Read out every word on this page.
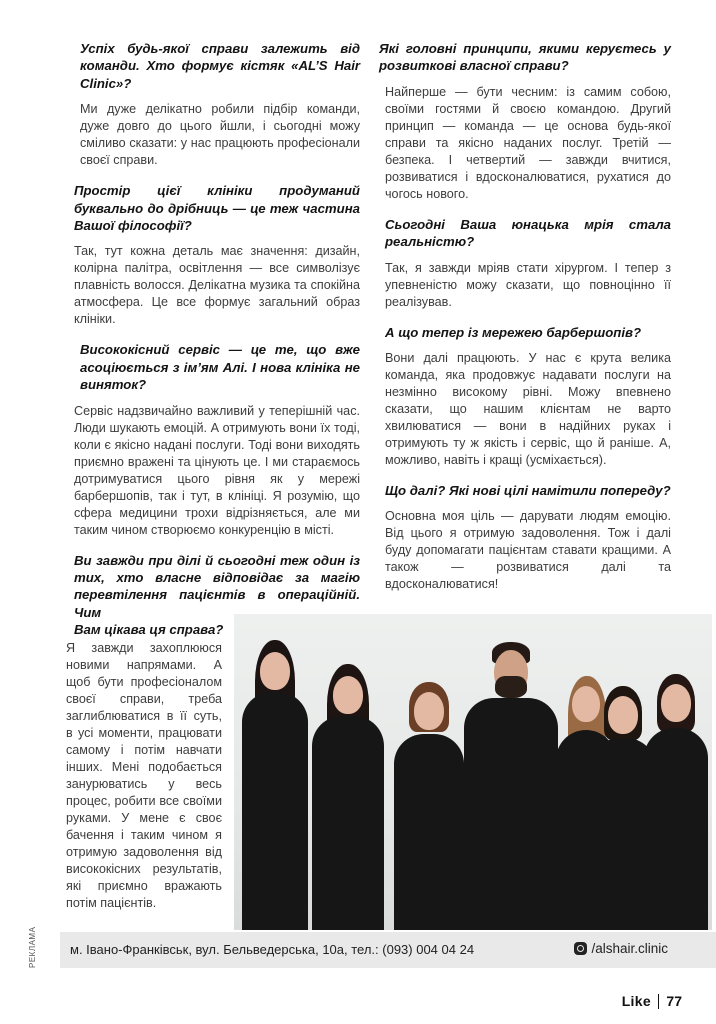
Успіх будь-якої справи залежить від команди. Хто формує кістяк «AL’S Hair Clinic»?

Ми дуже делікатно робили підбір команди, дуже довго до цього йшли, і сьогодні можу сміливо сказати: у нас працюють професіонали своєї справи.

Простір цієї клініки продуманий буквально до дрібниць — це теж частина Вашої філософії?

Так, тут кожна деталь має значення: дизайн, колірна палітра, освітлення — все символізує плавність волосся. Делікатна музика та спокійна атмосфера. Це все формує загальний образ клініки.

Висококісний сервіс — це те, що вже асоціюється з ім’ям Алі. І нова клініка не виняток?

Сервіс надзвичайно важливий у теперішній час. Люди шукають емоцій. А отримують вони їх тоді, коли є якісно надані послуги. Тоді вони виходять приємно вражені та цінують це. І ми стараємось дотримуватися цього рівня як у мережі барбершопів, так і тут, в клініці. Я розумію, що сфера медицини трохи відрізняється, але ми таким чином створюємо конкуренцію в місті.

Ви завжди при ділі й сьогодні теж один із тих, хто власне відповідає за магію перевтілення пацієнтів в операційній. Чим

Вам цікава ця справа?

Я завжди захоплююся новими напрямами. А щоб бути професіоналом своєї справи, треба заглиблюватися в її суть, в усі моменти, працювати самому і потім навчати інших. Мені подобається занурюватись у весь процес, робити все своїми руками. У мене є своє бачення і таким чином я отримую задоволення від висококісних результатів, які приємно вражають потім пацієнтів.

Які головні принципи, якими керуєтесь у розвиткові власної справи?

Найперше — бути чесним: із самим собою, своїми гостями й своєю командою. Другий принцип — команда — це основа будь-якої справи та якісно наданих послуг. Третій — безпека. І четвертий — завжди вчитися, розвиватися і вдосконалюватися, рухатися до чогось нового.

Сьогодні Ваша юнацька мрія стала реальністю?

Так, я завжди мріяв стати хірургом. І тепер з упевненістю можу сказати, що повноцінно її реалізував.

А що тепер із мережею барбершопів?

Вони далі працюють. У нас є крута велика команда, яка продовжує надавати послуги на незмінно високому рівні. Можу впевнено сказати, що нашим клієнтам не варто хвилюватися — вони в надійних руках і отримують ту ж якість і сервіс, що й раніше. А, можливо, навіть і кращі (усміхається).

Що далі? Які нові цілі намітили попереду?

Основна моя ціль — дарувати людям емоцію. Від цього я отримую задоволення. Тож і далі буду допомагати пацієнтам ставати кращими. А також — розвиватися далі та вдосконалюватися!

м. Івано-Франківськ, вул. Бельведерська, 10а, тел.: (093) 004 04 24	/alshair.clinic
РЕКЛАМА
Like 77
